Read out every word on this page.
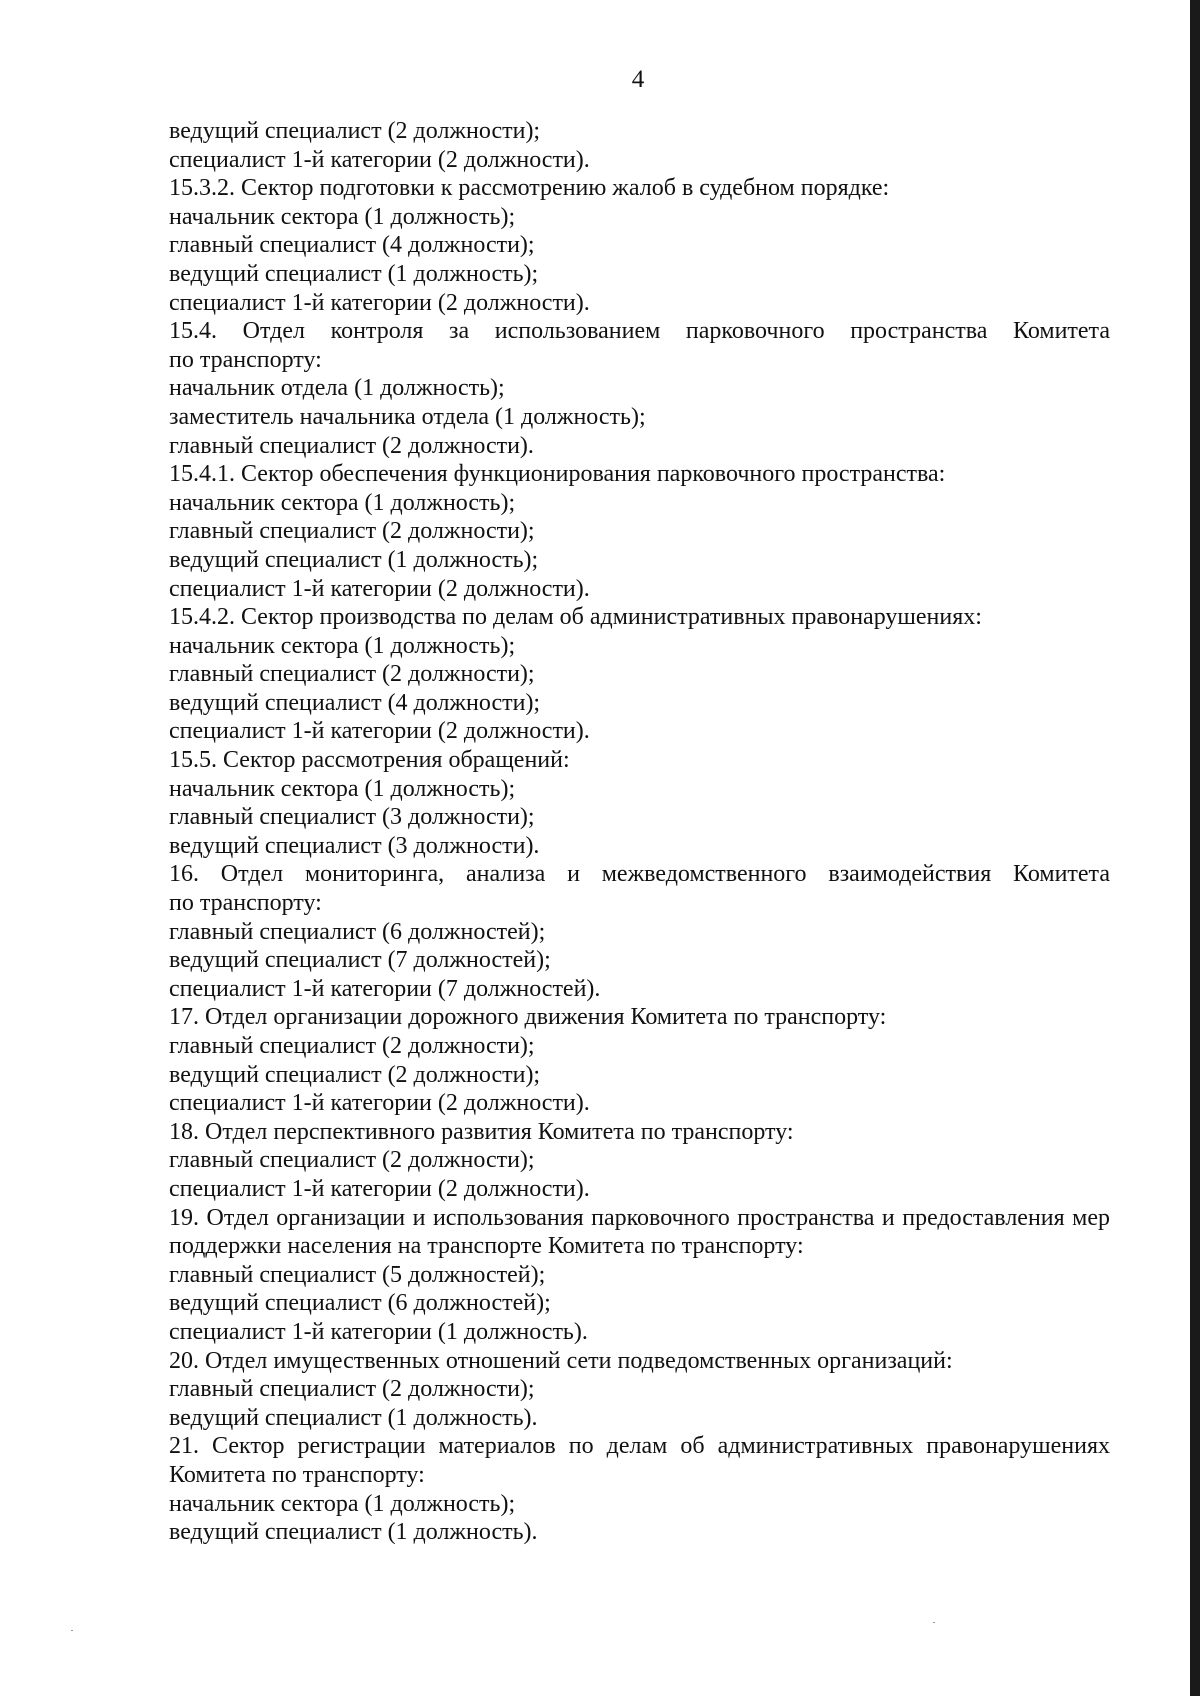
4
ведущий специалист (2 должности);
специалист 1-й категории (2 должности).
15.3.2. Сектор подготовки к рассмотрению жалоб в судебном порядке:
начальник сектора (1 должность);
главный специалист (4 должности);
ведущий специалист (1 должность);
специалист 1-й категории (2 должности).
15.4. Отдел контроля за использованием парковочного пространства Комитета
по транспорту:
начальник отдела (1 должность);
заместитель начальника отдела (1 должность);
главный специалист (2 должности).
15.4.1. Сектор обеспечения функционирования парковочного пространства:
начальник сектора (1 должность);
главный специалист (2 должности);
ведущий специалист (1 должность);
специалист 1-й категории (2 должности).
15.4.2. Сектор производства по делам об административных правонарушениях:
начальник сектора (1 должность);
главный специалист (2 должности);
ведущий специалист (4 должности);
специалист 1-й категории (2 должности).
15.5. Сектор рассмотрения обращений:
начальник сектора (1 должность);
главный специалист (3 должности);
ведущий специалист (3 должности).
16. Отдел мониторинга, анализа и межведомственного взаимодействия Комитета
по транспорту:
главный специалист (6 должностей);
ведущий специалист (7 должностей);
специалист 1-й категории (7 должностей).
17. Отдел организации дорожного движения Комитета по транспорту:
главный специалист (2 должности);
ведущий специалист (2 должности);
специалист 1-й категории (2 должности).
18. Отдел перспективного развития Комитета по транспорту:
главный специалист (2 должности);
специалист 1-й категории (2 должности).
19. Отдел организации и использования парковочного пространства и предоставления мер
поддержки населения на транспорте Комитета по транспорту:
главный специалист (5 должностей);
ведущий специалист (6 должностей);
специалист 1-й категории (1 должность).
20. Отдел имущественных отношений сети подведомственных организаций:
главный специалист (2 должности);
ведущий специалист (1 должность).
21. Сектор регистрации материалов по делам об административных правонарушениях
Комитета по транспорту:
начальник сектора (1 должность);
ведущий специалист (1 должность).
